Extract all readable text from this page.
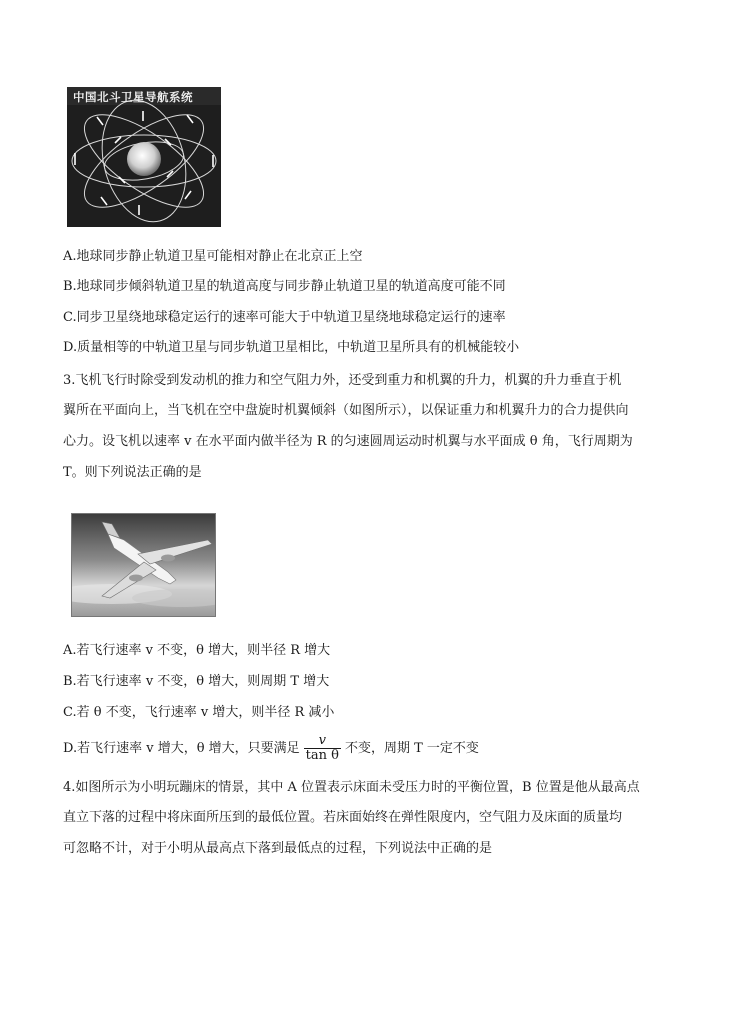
中国北斗卫星导航系统
A.地球同步静止轨道卫星可能相对静止在北京正上空
B.地球同步倾斜轨道卫星的轨道高度与同步静止轨道卫星的轨道高度可能不同
C.同步卫星绕地球稳定运行的速率可能大于中轨道卫星绕地球稳定运行的速率
D.质量相等的中轨道卫星与同步轨道卫星相比，中轨道卫星所具有的机械能较小
3.飞机飞行时除受到发动机的推力和空气阻力外，还受到重力和机翼的升力，机翼的升力垂直于机
翼所在平面向上，当飞机在空中盘旋时机翼倾斜（如图所示），以保证重力和机翼升力的合力提供向
心力。设飞机以速率 v 在水平面内做半径为 R 的匀速圆周运动时机翼与水平面成 θ 角，飞行周期为
T。则下列说法正确的是
A.若飞行速率 v 不变，θ 增大，则半径 R 增大
B.若飞行速率 v 不变，θ 增大，则周期 T 增大
C.若 θ 不变，飞行速率 v 增大，则半径 R 减小
D.若飞行速率 v 增大，θ 增大，只要满足 $\frac{v}{\text{tan θ}}$ 不变，周期 T 一定不变
4.如图所示为小明玩蹦床的情景，其中 A 位置表示床面未受压力时的平衡位置，B 位置是他从最高点
直立下落的过程中将床面所压到的最低位置。若床面始终在弹性限度内，空气阻力及床面的质量均
可忽略不计，对于小明从最高点下落到最低点的过程，下列说法中正确的是
